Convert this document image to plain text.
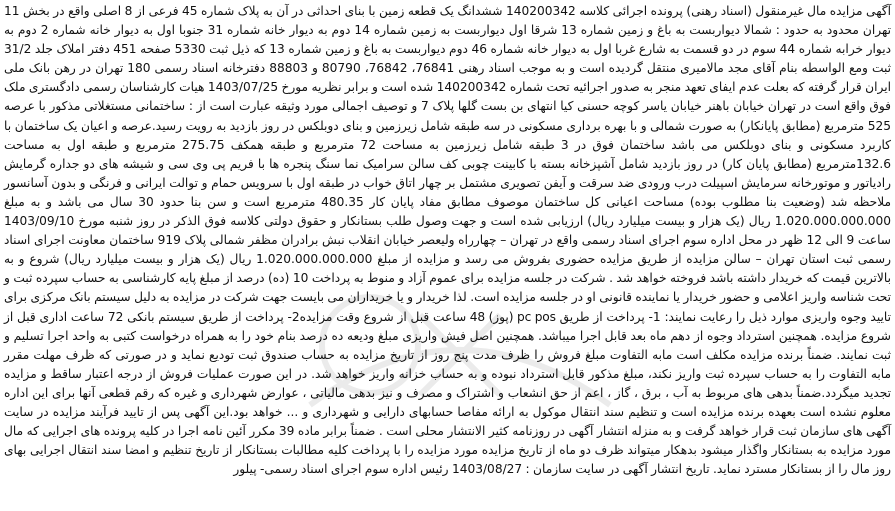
آگهی مزایده مال غیرمنقول (اسناد رهنی) پرونده اجرائی کلاسه 140200342 ششدانگ یک قطعه زمین با بنای احداثی در آن به پلاک شماره 45 فرعی از 8 اصلی واقع در بخش 11 تهران محدود به حدود : شمالا دیواربست به باغ و زمین شماره 13 شرقا اول دیواربست به زمین شماره 14 دوم به دیوار خانه شماره 31 جنوبا اول به دیوار خانه شماره 2 دوم به دیوار خرابه شماره 44 سوم در دو قسمت به شارع غربا اول به دیوار خانه شماره 46 دوم دیواربست به باغ و زمین شماره 13 که ذیل ثبت 5330 صفحه 451 دفتر املاک جلد 31/2 ثبت ومع الواسطه بنام آقای مجد مالامیری منتقل گردیده است و به موجب اسناد رهنی 76841، 76842، 80790 و 88803 دفترخانه اسناد رسمی 180 تهران در رهن بانک ملی ایران قرار گرفته که بعلت عدم ایفای تعهد منجر به صدور اجرائیه تحت شماره 140200342 شده است و برابر نظریه مورخ 1403/07/25 هیات کارشناسان رسمی دادگستری ملک فوق واقع است در تهران خیابان باهنر خیابان یاسر کوچه حسنی کیا انتهای بن بست گلها پلاک 7 و توصیف اجمالی مورد وثیقه عبارت است از : ساختمانی مستغلاتی مذکور با عرصه 525 مترمربع (مطابق پایانکار) به صورت شمالی و با بهره برداری مسکونی در سه طبقه شامل زیرزمین و بنای دوبلکس در روز بازدید به رویت رسید.عرصه و اعیان یک ساختمان با کاربرد مسکونی و بنای دوبلکس می باشد ساختمان فوق در 3 طبقه شامل زیرزمین به مساحت 72 مترمربع و طبقه همکف 275.75 مترمربع و طبقه اول به مساحت 132.6مترمربع (مطابق پایان کار) در روز بازدید شامل آشپزخانه بسته با کابینت چوبی کف سالن سرامیک نما سنگ پنجره ها با فریم پی وی سی و شیشه های دو جداره گرمایش رادیاتور و موتورخانه سرمایش اسپیلت درب ورودی ضد سرقت و آیفن تصویری مشتمل بر چهار اتاق خواب در طبقه اول با سرویس حمام و توالت ایرانی و فرنگی و بدون آسانسور ملاحظه شد (وضعیت بنا مطلوب بوده) مساحت اعیانی کل ساختمان موصوف مطابق مفاد پایان کار 480.35 مترمربع است و سن بنا حدود 30 سال می باشد و به مبلغ 1.020.000.000.000 ریال (یک هزار و بیست میلیارد ریال) ارزیابی شده است و جهت وصول طلب بستانکار و حقوق دولتی کلاسه فوق الذکر در روز شنبه مورخ 1403/09/10 ساعت 9 الی 12 ظهر در محل اداره سوم اجرای اسناد رسمی واقع در تهران – چهارراه ولیعصر خیابان انقلاب نبش برادران مظفر شمالی پلاک 919 ساختمان معاونت اجرای اسناد رسمی ثبت استان تهران – سالن مزایده از طریق مزایده حضوری بفروش می رسد و مزایده از مبلغ 1.020.000.000.000 ریال (یک هزار و بیست میلیارد ریال) شروع و به بالاترین قیمت که خریدار داشته باشد فروخته خواهد شد . شرکت در جلسه مزایده برای عموم آزاد و منوط به پرداخت 10 (ده) درصد از مبلغ پایه کارشناسی به حساب سپرده ثبت و تحت شناسه واریز اعلامی و حضور خریدار یا نماینده قانونی او در جلسه مزایده است. لذا خریدار و یا خریداران می بایست جهت شرکت در مزایده به دلیل سیستم بانک مرکزی برای تایید وجوه واریزی موارد ذیل را رعایت نمایند: 1- پرداخت از طریق pc pos (پوز) 48 ساعت قبل از شروع وقت مزایده2- پرداخت از طریق سیستم بانکی 72 ساعت اداری قبل از شروع مزایده. همچنین استرداد وجوه از دهم ماه بعد قابل اجرا میباشد. همچنین اصل فیش واریزی مبلغ ودیعه ده درصد بنام خود را به همراه درخواست کتبی به واحد اجرا تسلیم و ثبت نمایند. ضمناً برنده مزایده مکلف است مابه التفاوت مبلغ فروش را ظرف مدت پنج روز از تاریخ مزایده به حساب صندوق ثبت تودیع نماید و در صورتی که ظرف مهلت مقرر مابه التفاوت را به حساب سپرده ثبت واریز نکند، مبلغ مذکور قابل استرداد نبوده و به حساب خزانه واریز خواهد شد. در این صورت عملیات فروش از درجه اعتبار ساقط و مزایده تجدید میگردد.ضمناً بدهی های مربوط به آب ، برق ، گاز ، اعم از حق انشعاب و اشتراک و مصرف و نیز بدهی مالیاتی ، عوارض شهرداری و غیره که رقم قطعی آنها برای این اداره معلوم نشده است بعهده برنده مزایده است و تنظیم سند انتقال موکول به ارائه مفاصا حسابهای دارایی و شهرداری و ... خواهد بود.این آگهی پس از تایید فرآیند مزایده در سایت آگهی های سازمان ثبت قرار خواهد گرفت و به منزله انتشار آگهی در روزنامه کثیر الانتشار محلی است . ضمناً برابر ماده 39 مکرر آئین نامه اجرا در کلیه پرونده های اجرایی که مال مورد مزایده به بستانکار واگذار میشود بدهکار میتواند ظرف دو ماه از تاریخ مزایده مورد مزایده را با پرداخت کلیه مطالبات بستانکار از تاریخ تنظیم و امضا سند انتقال اجرایی بهای روز مال را از بستانکار مسترد نماید. تاریخ انتشار آگهی در سایت سازمان : 1403/08/27 رئیس اداره سوم اجرای اسناد رسمی- پیلور
